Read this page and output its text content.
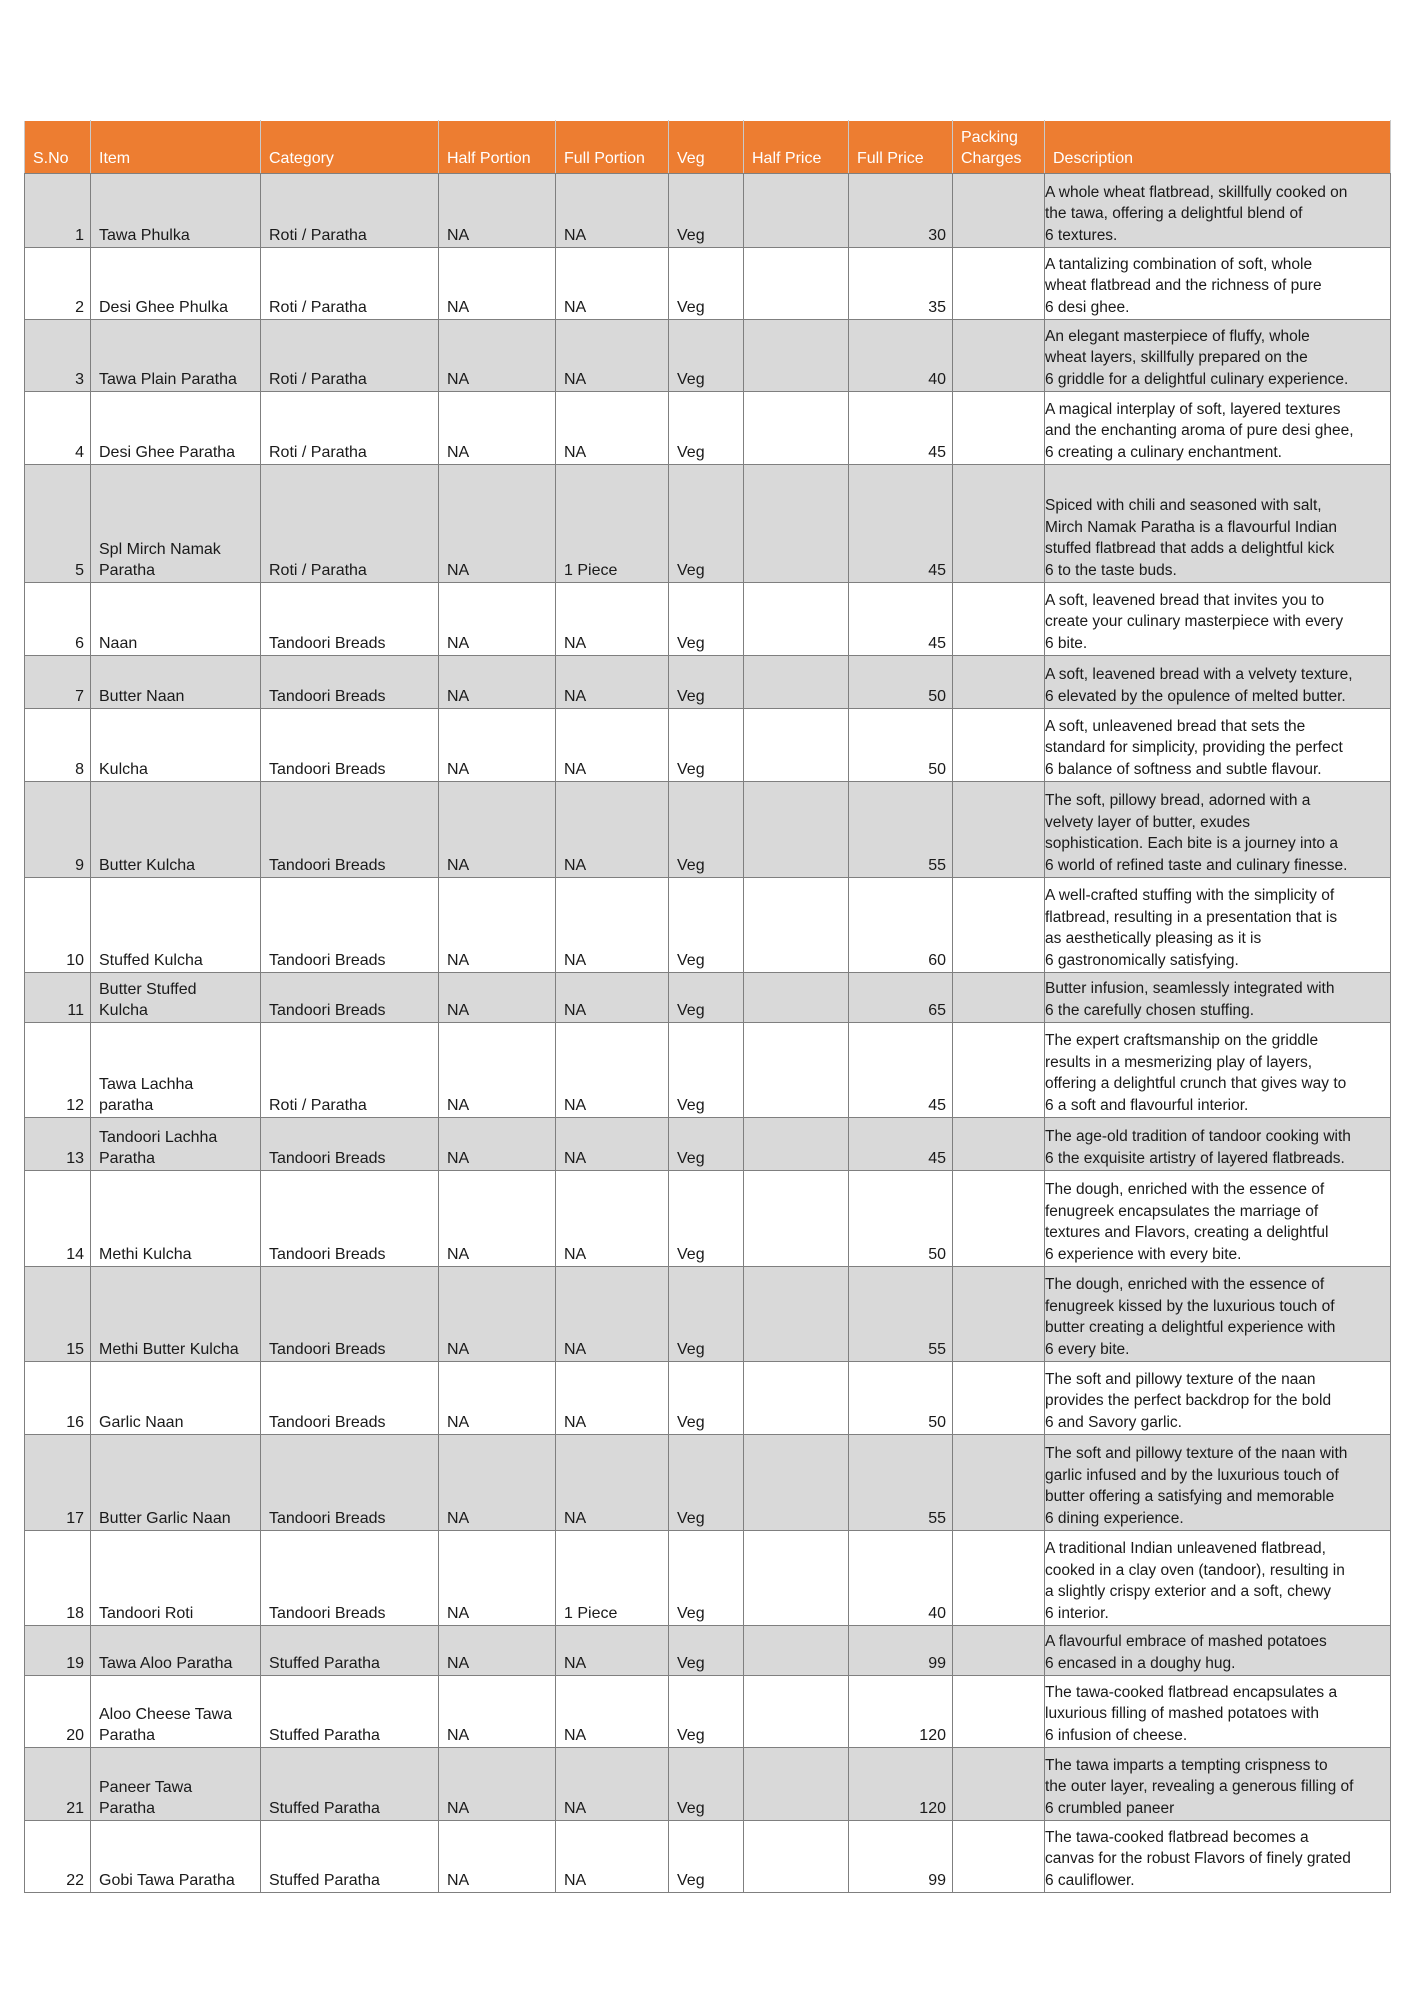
S.No	Item	Category	Half Portion	Full Portion	Veg	Half Price	Full Price	Packing
Charges	Description
1	Tawa Phulka	Roti / Paratha	NA	NA	Veg		30		A whole wheat flatbread, skillfully cooked on
the tawa, offering a delightful blend of
6 textures.
2	Desi Ghee Phulka	Roti / Paratha	NA	NA	Veg		35		A tantalizing combination of soft, whole
wheat flatbread and the richness of pure
6 desi ghee.
3	Tawa Plain Paratha	Roti / Paratha	NA	NA	Veg		40		An elegant masterpiece of fluffy, whole
wheat layers, skillfully prepared on the
6 griddle for a delightful culinary experience.
4	Desi Ghee Paratha	Roti / Paratha	NA	NA	Veg		45		A magical interplay of soft, layered textures
and the enchanting aroma of pure desi ghee,
6 creating a culinary enchantment.
5	Spl Mirch Namak
Paratha	Roti / Paratha	NA	1 Piece	Veg		45		Spiced with chili and seasoned with salt,
Mirch Namak Paratha is a flavourful Indian
stuffed flatbread that adds a delightful kick
6 to the taste buds.
6	Naan	Tandoori Breads	NA	NA	Veg		45		A soft, leavened bread that invites you to
create your culinary masterpiece with every
6 bite.
7	Butter Naan	Tandoori Breads	NA	NA	Veg		50		A soft, leavened bread with a velvety texture,
6 elevated by the opulence of melted butter.
8	Kulcha	Tandoori Breads	NA	NA	Veg		50		A soft, unleavened bread that sets the
standard for simplicity, providing the perfect
6 balance of softness and subtle flavour.
9	Butter Kulcha	Tandoori Breads	NA	NA	Veg		55		The soft, pillowy bread, adorned with a
velvety layer of butter, exudes
sophistication. Each bite is a journey into a
6 world of refined taste and culinary finesse.
10	Stuffed Kulcha	Tandoori Breads	NA	NA	Veg		60		A well-crafted stuffing with the simplicity of
flatbread, resulting in a presentation that is
as aesthetically pleasing as it is
6 gastronomically satisfying.
11	Butter Stuffed
Kulcha	Tandoori Breads	NA	NA	Veg		65		Butter infusion, seamlessly integrated with
6 the carefully chosen stuffing.
12	Tawa Lachha
paratha	Roti / Paratha	NA	NA	Veg		45		The expert craftsmanship on the griddle
results in a mesmerizing play of layers,
offering a delightful crunch that gives way to
6 a soft and flavourful interior.
13	Tandoori Lachha
Paratha	Tandoori Breads	NA	NA	Veg		45		The age-old tradition of tandoor cooking with
6 the exquisite artistry of layered flatbreads.
14	Methi Kulcha	Tandoori Breads	NA	NA	Veg		50		The dough, enriched with the essence of
fenugreek encapsulates the marriage of
textures and Flavors, creating a delightful
6 experience with every bite.
15	Methi Butter Kulcha	Tandoori Breads	NA	NA	Veg		55		The dough, enriched with the essence of
fenugreek kissed by the luxurious touch of
butter creating a delightful experience with
6 every bite.
16	Garlic Naan	Tandoori Breads	NA	NA	Veg		50		The soft and pillowy texture of the naan
provides the perfect backdrop for the bold
6 and Savory garlic.
17	Butter Garlic Naan	Tandoori Breads	NA	NA	Veg		55		The soft and pillowy texture of the naan with
garlic infused and by the luxurious touch of
butter offering a satisfying and memorable
6 dining experience.
18	Tandoori Roti	Tandoori Breads	NA	1 Piece	Veg		40		A traditional Indian unleavened flatbread,
cooked in a clay oven (tandoor), resulting in
a slightly crispy exterior and a soft, chewy
6 interior.
19	Tawa Aloo Paratha	Stuffed Paratha	NA	NA	Veg		99		A flavourful embrace of mashed potatoes
6 encased in a doughy hug.
20	Aloo Cheese Tawa
Paratha	Stuffed Paratha	NA	NA	Veg		120		The tawa-cooked flatbread encapsulates a
luxurious filling of mashed potatoes with
6 infusion of cheese.
21	Paneer Tawa
Paratha	Stuffed Paratha	NA	NA	Veg		120		The tawa imparts a tempting crispness to
the outer layer, revealing a generous filling of
6 crumbled paneer
22	Gobi Tawa Paratha	Stuffed Paratha	NA	NA	Veg		99		The tawa-cooked flatbread becomes a
canvas for the robust Flavors of finely grated
6 cauliflower.
